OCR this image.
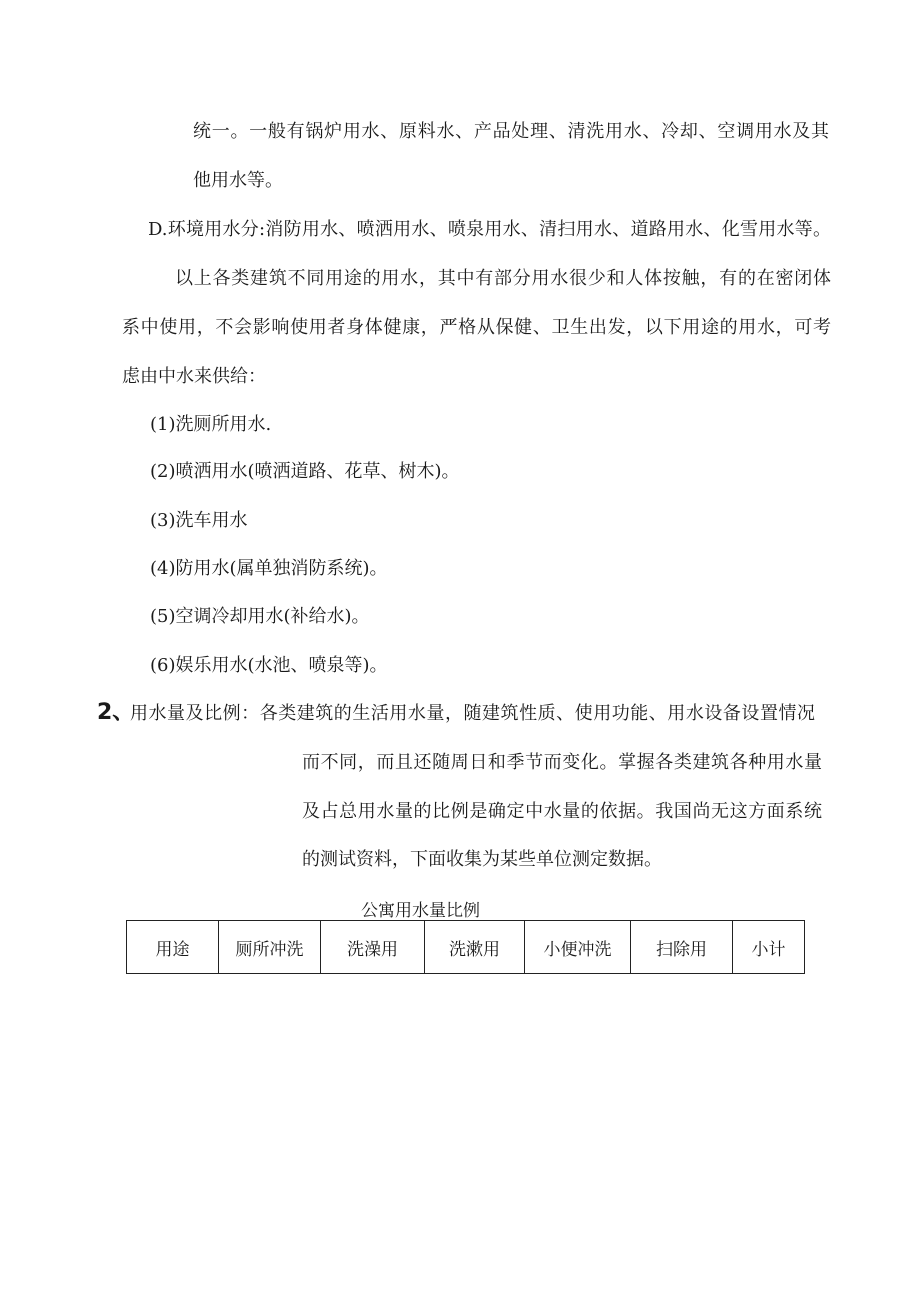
统一。一般有锅炉用水、原料水、产品处理、清洗用水、冷却、空调用水及其
他用水等。
D.环境用水分:消防用水、喷洒用水、喷泉用水、清扫用水、道路用水、化雪用水等。
以上各类建筑不同用途的用水，其中有部分用水很少和人体按触，有的在密闭体
系中使用，不会影响使用者身体健康，严格从保健、卫生出发，以下用途的用水，可考
虑由中水来供给：
(1)洗厕所用水.
(2)喷洒用水(喷洒道路、花草、树木)。
(3)洗车用水
(4)防用水(属单独消防系统)。
(5)空调冷却用水(补给水)。
(6)娱乐用水(水池、喷泉等)。
2、
用水量及比例：各类建筑的生活用水量，随建筑性质、使用功能、用水设备设置情况
而不同，而且还随周日和季节而变化。掌握各类建筑各种用水量
及占总用水量的比例是确定中水量的依据。我国尚无这方面系统
的测试资料，下面收集为某些单位测定数据。
公寓用水量比例
用途	厕所冲洗	洗澡用	洗漱用	小便冲洗	扫除用	小计
